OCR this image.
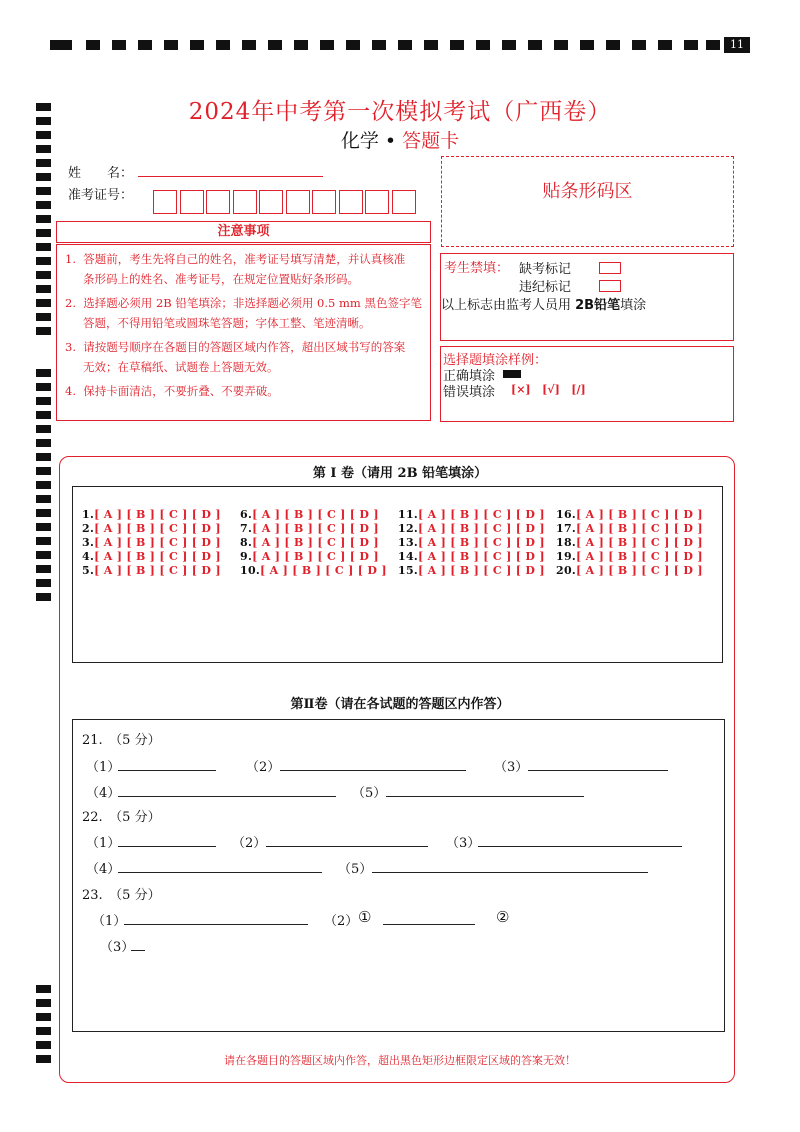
11
2024年中考第一次模拟考试（广西卷）
化学 • 答题卡
姓　　名：
准考证号：	贴条形码区
注意事项
1. 答题前，考生先将自己的姓名，准考证号填写清楚，并认真核准
条形码上的姓名、准考证号，在规定位置贴好条形码。
2. 选择题必须用 2B 铅笔填涂；非选择题必须用 0.5 mm 黑色签字笔
答题，不得用铅笔或圆珠笔答题；字体工整、笔迹清晰。
3. 请按题号顺序在各题目的答题区域内作答，超出区域书写的答案
无效；在草稿纸、试题卷上答题无效。
4. 保持卡面清洁，不要折叠、不要弄破。
考生禁填： 缺考标记
违纪标记
以上标志由监考人员用 2B铅笔填涂
选择题填涂样例：
正确填涂
错误填涂 [×] [√] [/]
第 I 卷（请用 2B 铅笔填涂）
1.[ A ] [ B ] [ C ] [ D ]
2.[ A ] [ B ] [ C ] [ D ]
3.[ A ] [ B ] [ C ] [ D ]
4.[ A ] [ B ] [ C ] [ D ]
5.[ A ] [ B ] [ C ] [ D ]
6.[ A ] [ B ] [ C ] [ D ]
7.[ A ] [ B ] [ C ] [ D ]
8.[ A ] [ B ] [ C ] [ D ]
9.[ A ] [ B ] [ C ] [ D ]
10.[ A ] [ B ] [ C ] [ D ]
11.[ A ] [ B ] [ C ] [ D ]
12.[ A ] [ B ] [ C ] [ D ]
13.[ A ] [ B ] [ C ] [ D ]
14.[ A ] [ B ] [ C ] [ D ]
15.[ A ] [ B ] [ C ] [ D ]
16.[ A ] [ B ] [ C ] [ D ]
17.[ A ] [ B ] [ C ] [ D ]
18.[ A ] [ B ] [ C ] [ D ]
19.[ A ] [ B ] [ C ] [ D ]
20.[ A ] [ B ] [ C ] [ D ]
第Ⅱ卷（请在各试题的答题区内作答）
21.　（5 分）
（1）	（2）	（3）
（4）	（5）
22.　（5 分）
（1）	（2）	（3）
（4）	（5）
23.　（5 分）
（1）	（2） ①	②
（3）
请在各题目的答题区域内作答，超出黑色矩形边框限定区域的答案无效！
